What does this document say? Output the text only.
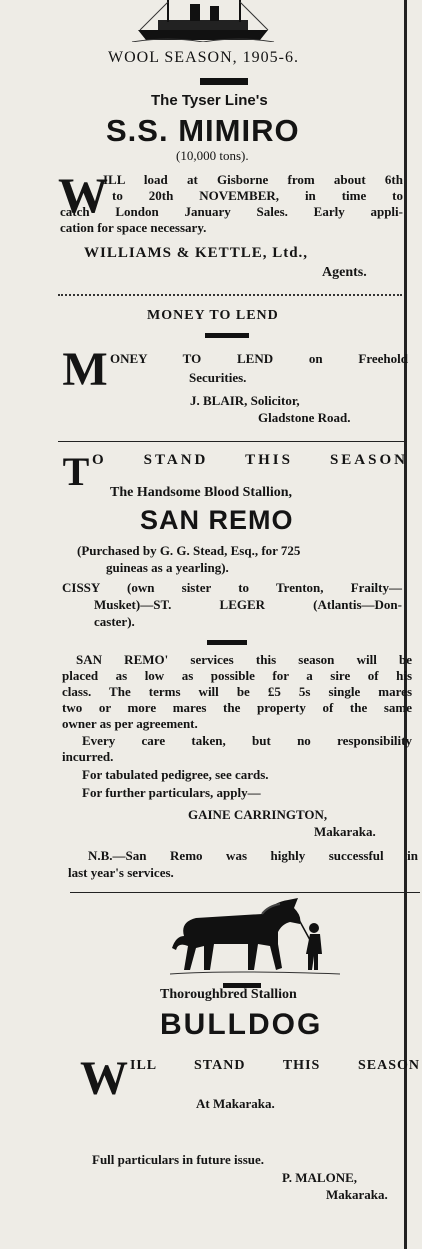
WOOL SEASON, 1905-6.
The Tyser Line's
S.S. MIMIRO
(10,000 tons).
W
ILL load at Gisborne from about 6th
to 20th NOVEMBER, in time to
catch London January Sales. Early appli-
cation for space necessary.
WILLIAMS & KETTLE, Ltd.,
Agents.
MONEY TO LEND
M ONEY TO LEND on Freehold
Securities.
J. BLAIR, Solicitor,
Gladstone Road.
T O STAND THIS SEASON
The Handsome Blood Stallion,
SAN REMO
(Purchased by G. G. Stead, Esq., for 725
guineas as a yearling).
CISSY (own sister to Trenton, Frailty—
Musket)—ST. LEGER (Atlantis—Don-
caster).
SAN REMO' services this season will be
placed as low as possible for a sire of his
class. The terms will be £5 5s single mares
two or more mares the property of the same
owner as per agreement.
Every care taken, but no responsibility
incurred.
For tabulated pedigree, see cards.
For further particulars, apply—
GAINE CARRINGTON,
Makaraka.
N.B.—San Remo was highly successful in
last year's services.
Thoroughbred Stallion
BULLDOG
W ILL STAND THIS SEASON
At Makaraka.
Full particulars in future issue.
P. MALONE,
Makaraka.
